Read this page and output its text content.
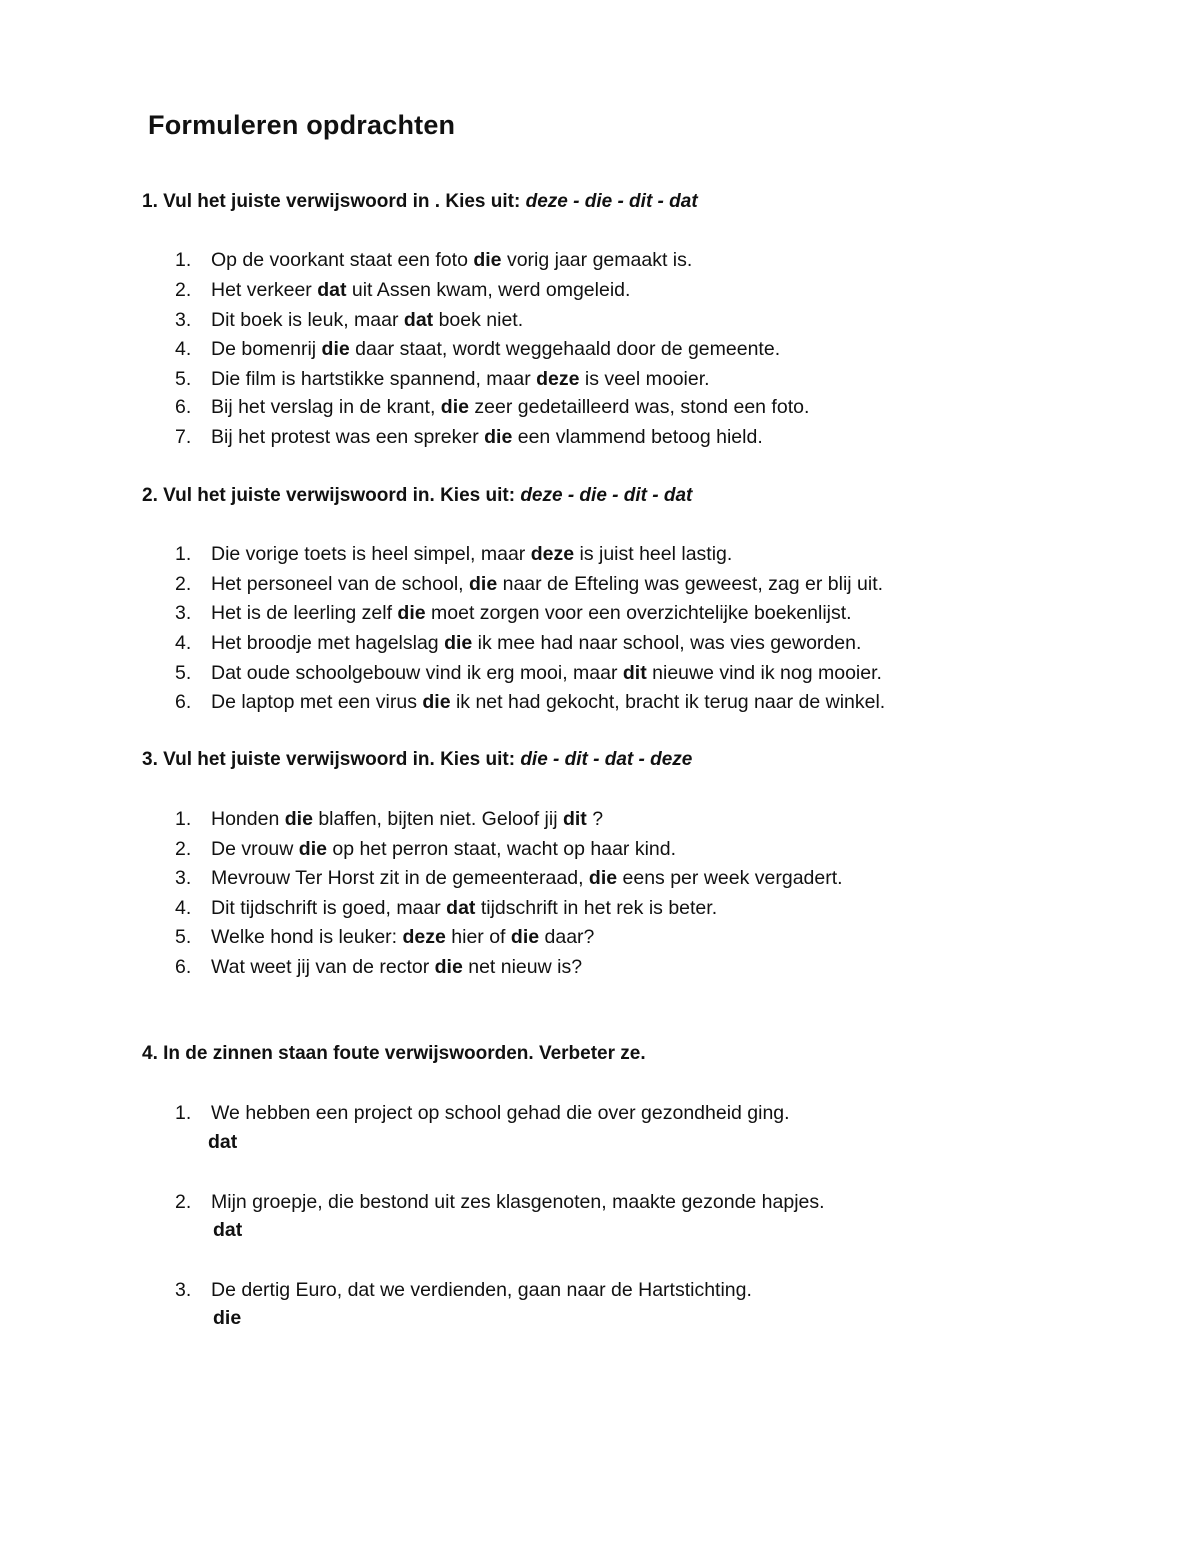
Formuleren opdrachten
1. Vul het juiste verwijswoord in . Kies uit: deze - die - dit - dat
1. Op de voorkant staat een foto die vorig jaar gemaakt is.
2. Het verkeer dat uit Assen kwam, werd omgeleid.
3. Dit boek is leuk, maar dat boek niet.
4. De bomenrij die daar staat, wordt weggehaald door de gemeente.
5. Die film is hartstikke spannend, maar deze is veel mooier.
6. Bij het verslag in de krant, die zeer gedetailleerd was, stond een foto.
7. Bij het protest was een spreker die een vlammend betoog hield.
2. Vul het juiste verwijswoord in. Kies uit: deze - die - dit - dat
1. Die vorige toets is heel simpel, maar deze is juist heel lastig.
2. Het personeel van de school, die naar de Efteling was geweest, zag er blij uit.
3. Het is de leerling zelf die moet zorgen voor een overzichtelijke boekenlijst.
4. Het broodje met hagelslag die ik mee had naar school, was vies geworden.
5. Dat oude schoolgebouw vind ik erg mooi, maar dit nieuwe vind ik nog mooier.
6. De laptop met een virus die ik net had gekocht, bracht ik terug naar de winkel.
3. Vul het juiste verwijswoord in. Kies uit: die - dit - dat - deze
1. Honden die blaffen, bijten niet. Geloof jij dit ?
2. De vrouw die op het perron staat, wacht op haar kind.
3. Mevrouw Ter Horst zit in de gemeenteraad, die eens per week vergadert.
4. Dit tijdschrift is goed, maar dat tijdschrift in het rek is beter.
5. Welke hond is leuker: deze hier of die daar?
6. Wat weet jij van de rector die net nieuw is?
4. In de zinnen staan foute verwijswoorden. Verbeter ze.
1. We hebben een project op school gehad die over gezondheid ging.
dat
2. Mijn groepje, die bestond uit zes klasgenoten, maakte gezonde hapjes.
dat
3. De dertig Euro, dat we verdienden, gaan naar de Hartstichting.
die
